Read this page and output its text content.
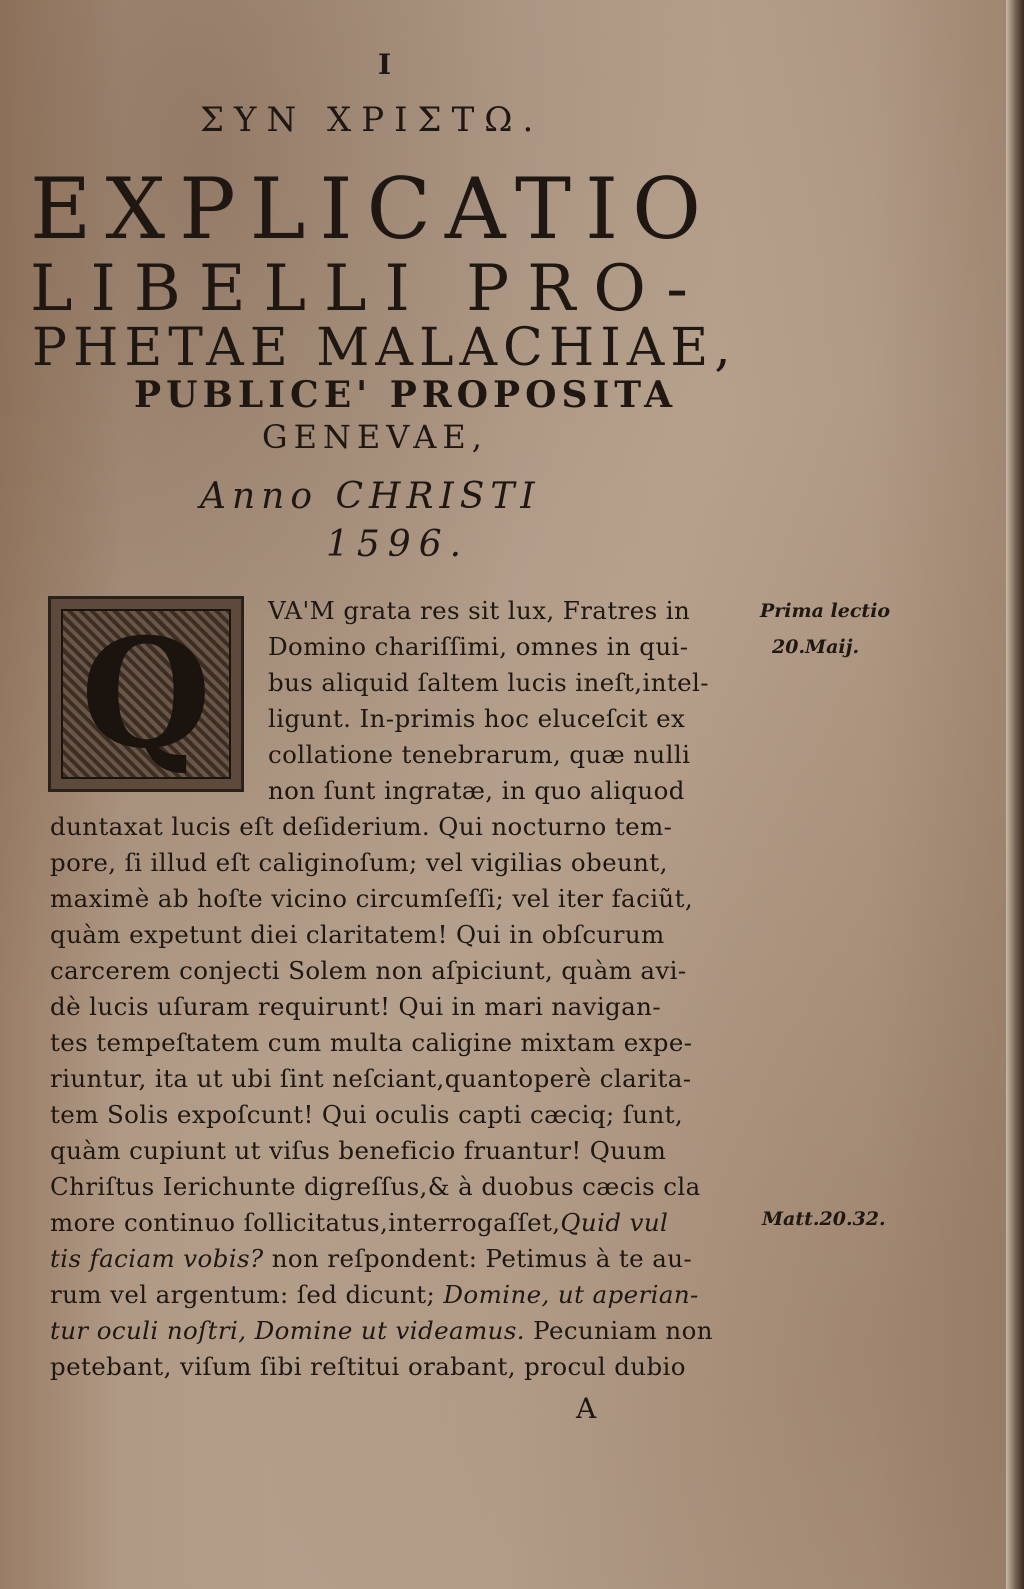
I
ΣΥΝ ΧΡΙΣΤΩ.
EXPLICATIO
LIBELLI PRO-
PHETAE MALACHIAE,
PUBLICE' PROPOSITA
GENEVAE,
Anno CHRISTI
1596.
Q	VA'M grata res sit lux, Fratres in
Domino chariſſimi, omnes in qui-
bus aliquid ſaltem lucis ineſt,intel-
ligunt. In-primis hoc eluceſcit ex
collatione tenebrarum, quæ nulli
non ſunt ingratæ, in quo aliquod
duntaxat lucis eſt deſiderium. Qui nocturno tem-
pore, ſi illud eſt caliginoſum; vel vigilias obeunt,
maximè ab hoſte vicino circumſeſſi; vel iter faciũt,
quàm expetunt diei claritatem! Qui in obſcurum
carcerem conjecti Solem non aſpiciunt, quàm avi-
dè lucis uſuram requirunt! Qui in mari navigan-
tes tempeſtatem cum multa caligine mixtam expe-
riuntur, ita ut ubi ſint neſciant,quantoperè clarita-
tem Solis expoſcunt! Qui oculis capti cæciq; ſunt,
quàm cupiunt ut viſus beneficio fruantur! Quum
Chriſtus Ierichunte digreſſus,& à duobus cæcis cla
more continuo ſollicitatus,interrogaſſet,Quid vul
tis faciam vobis? non reſpondent: Petimus à te au-
rum vel argentum: ſed dicunt; Domine, ut aperian-
tur oculi noſtri, Domine ut videamus. Pecuniam non
petebant, viſum ſibi reſtitui orabant, procul dubio
Prima lectio
20.Maij.
Matt.20.32.
A
